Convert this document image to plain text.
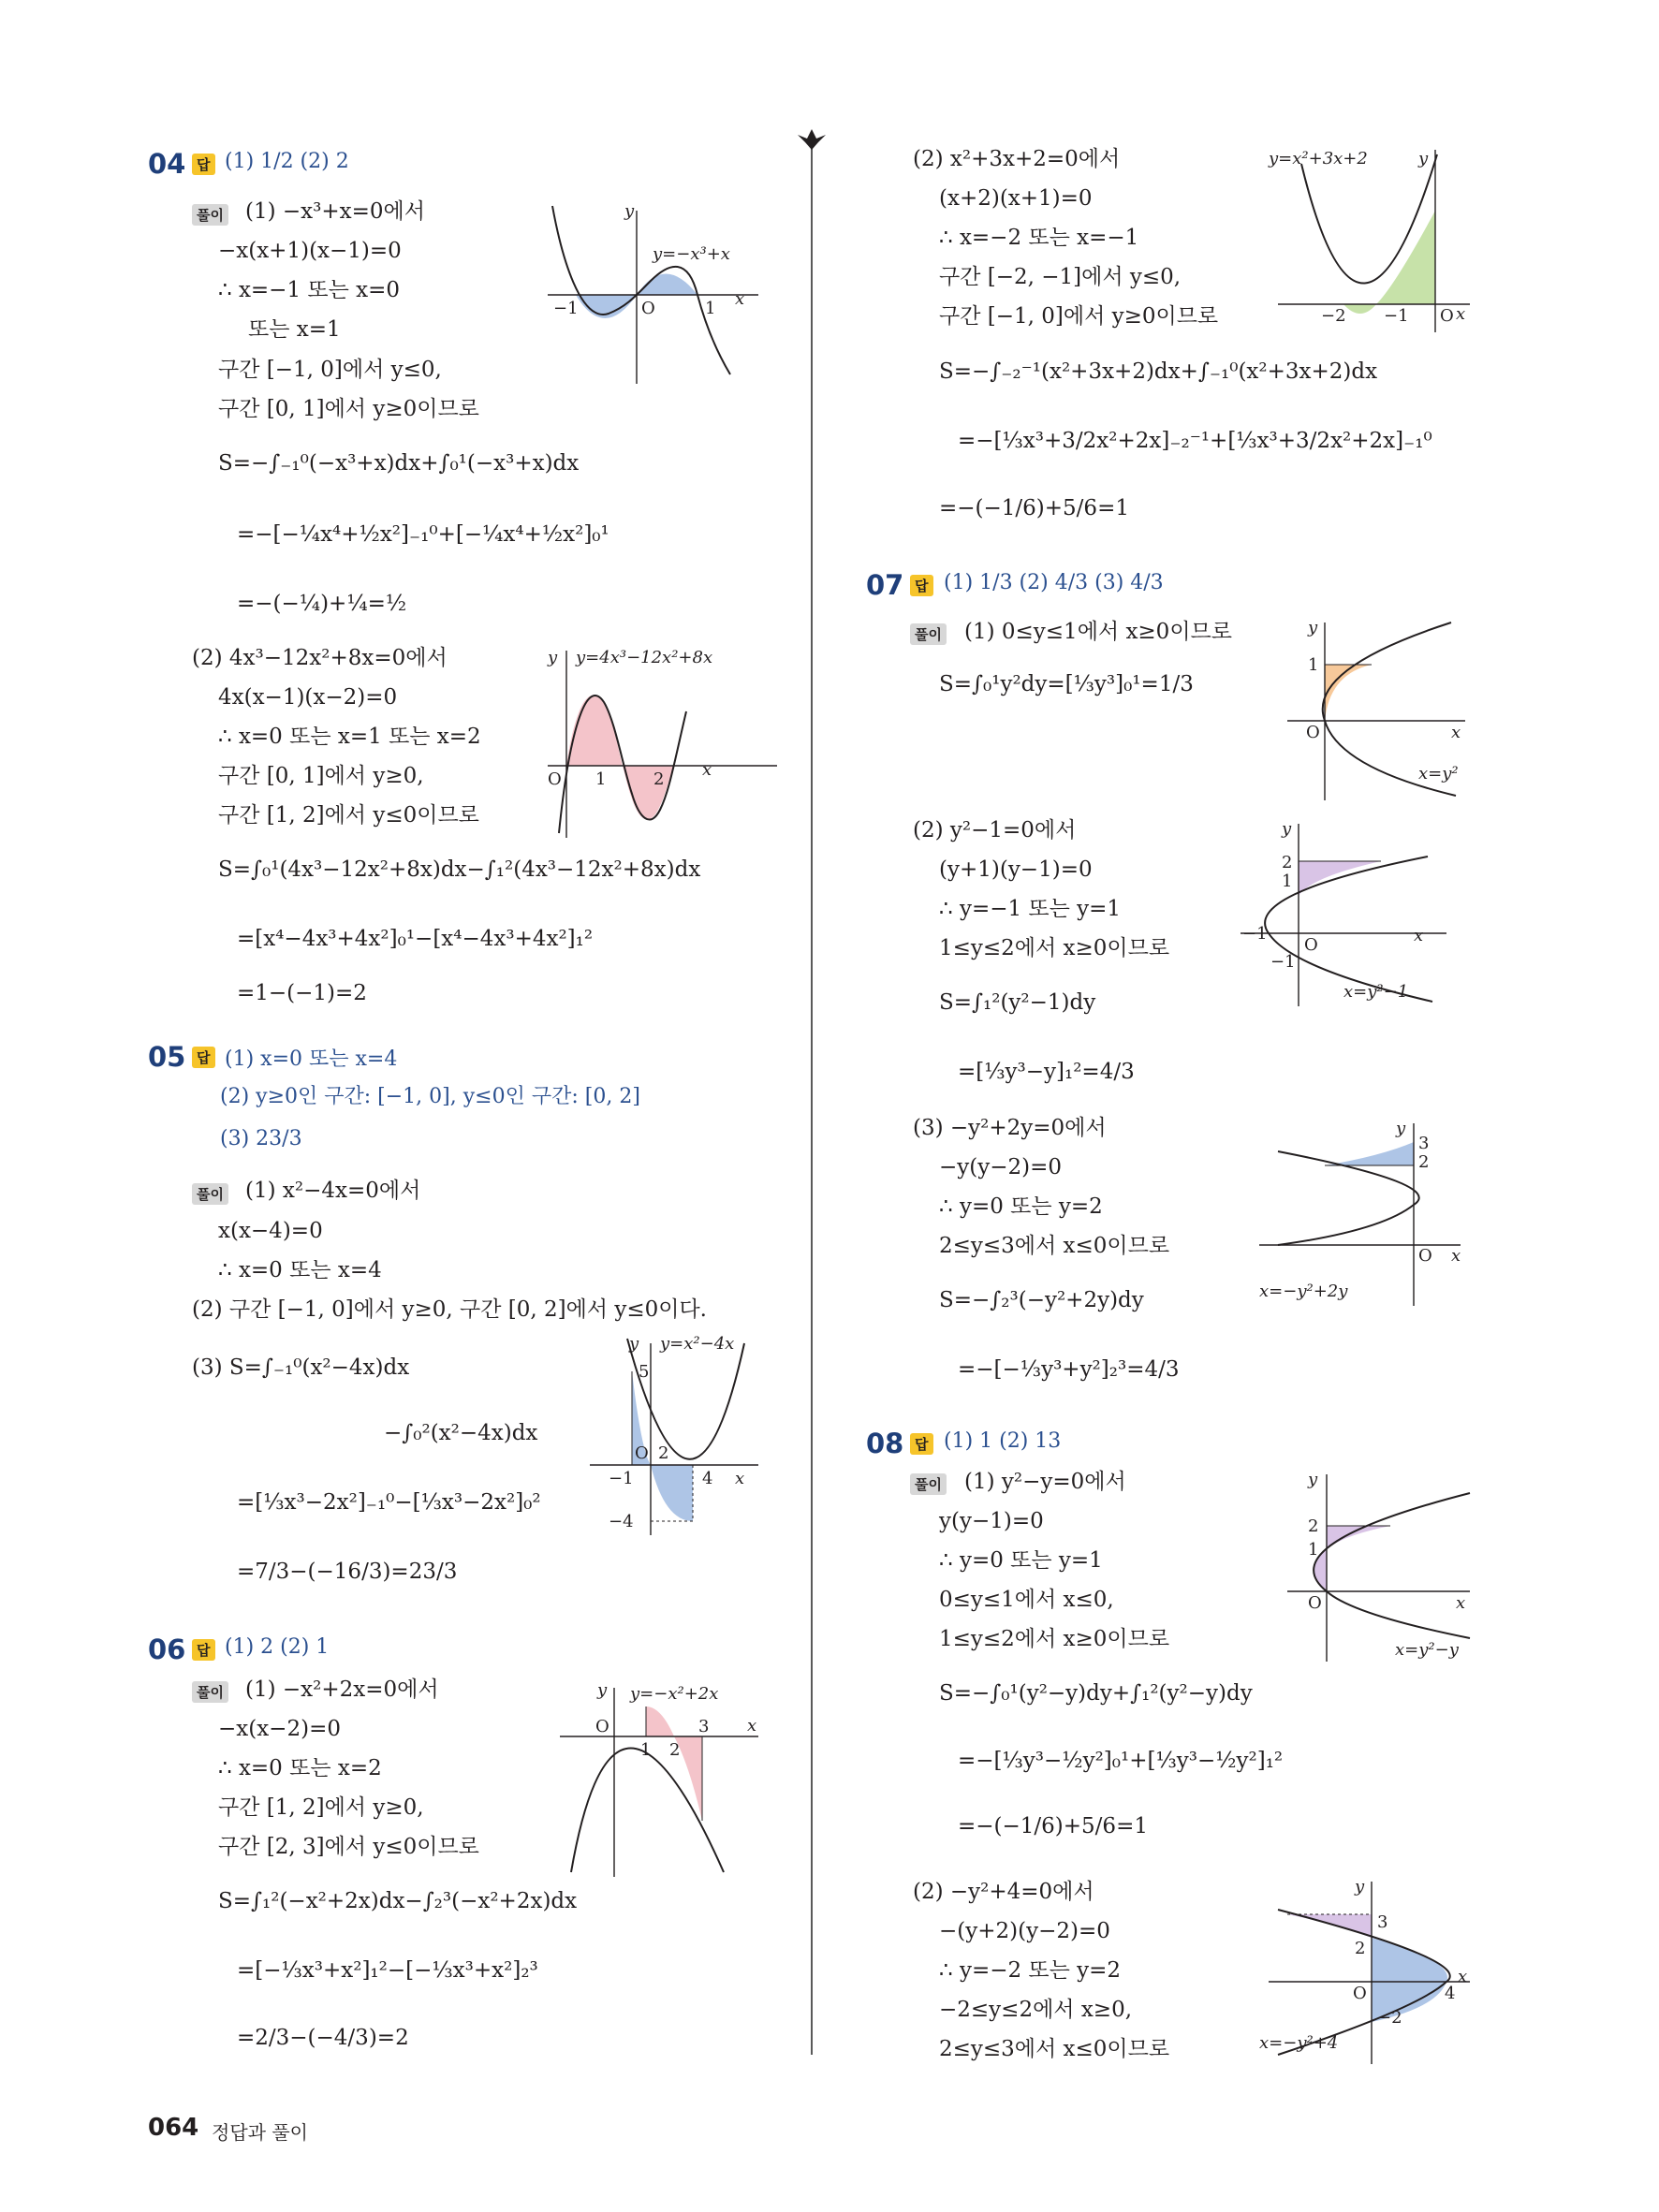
04 답 (1) 1/2 (2) 2
풀이 (1) −x³+x=0에서
−x(x+1)(x−1)=0
∴ x=−1 또는 x=0
또는 x=1
구간 [−1, 0]에서 y≤0,
구간 [0, 1]에서 y≥0이므로
S=−∫₋₁⁰(−x³+x)dx+∫₀¹(−x³+x)dx
=−[−¼x⁴+½x²]₋₁⁰+[−¼x⁴+½x²]₀¹
=−(−¼)+¼=½
y
x
O
−1	1
y=−x³+x
(2) 4x³−12x²+8x=0에서
4x(x−1)(x−2)=0
∴ x=0 또는 x=1 또는 x=2
구간 [0, 1]에서 y≥0,
구간 [1, 2]에서 y≤0이므로
S=∫₀¹(4x³−12x²+8x)dx−∫₁²(4x³−12x²+8x)dx
=[x⁴−4x³+4x²]₀¹−[x⁴−4x³+4x²]₁²
=1−(−1)=2
y
x
O 1	2
y=4x³−12x²+8x
05 답 (1) x=0 또는 x=4
(2) y≥0인 구간: [−1, 0], y≤0인 구간: [0, 2]
(3) 23/3
풀이 (1) x²−4x=0에서
x(x−4)=0
∴ x=0 또는 x=4
(2) 구간 [−1, 0]에서 y≥0, 구간 [0, 2]에서 y≤0이다.
(3) S=∫₋₁⁰(x²−4x)dx
−∫₀²(x²−4x)dx
=[⅓x³−2x²]₋₁⁰−[⅓x³−2x²]₀²
=7/3−(−16/3)=23/3
y
x
O 2
5
−1	4
−4
y=x²−4x
06 답 (1) 2 (2) 1
풀이 (1) −x²+2x=0에서
−x(x−2)=0
∴ x=0 또는 x=2
구간 [1, 2]에서 y≥0,
구간 [2, 3]에서 y≤0이므로
S=∫₁²(−x²+2x)dx−∫₂³(−x²+2x)dx
=[−⅓x³+x²]₁²−[−⅓x³+x²]₂³
=2/3−(−4/3)=2
y
x
O
1 2
3
y=−x²+2x
(2) x²+3x+2=0에서
(x+2)(x+1)=0
∴ x=−2 또는 x=−1
구간 [−2, −1]에서 y≤0,
구간 [−1, 0]에서 y≥0이므로
S=−∫₋₂⁻¹(x²+3x+2)dx+∫₋₁⁰(x²+3x+2)dx
=−[⅓x³+3/2x²+2x]₋₂⁻¹+[⅓x³+3/2x²+2x]₋₁⁰
=−(−1/6)+5/6=1
y=x²+3x+2	y
x
−2 −1 O
07 답 (1) 1/3 (2) 4/3 (3) 4/3
풀이 (1) 0≤y≤1에서 x≥0이므로
S=∫₀¹y²dy=[⅓y³]₀¹=1/3
y
x
O
1
x=y²
(2) y²−1=0에서
(y+1)(y−1)=0
∴ y=−1 또는 y=1
1≤y≤2에서 x≥0이므로
S=∫₁²(y²−1)dy
=[⅓y³−y]₁²=4/3
y
x
O
2
1
−1
−1
x=y²−1
(3) −y²+2y=0에서
−y(y−2)=0
∴ y=0 또는 y=2
2≤y≤3에서 x≤0이므로
S=−∫₂³(−y²+2y)dy
=−[−⅓y³+y²]₂³=4/3
y
x
O
3
2
x=−y²+2y
08 답 (1) 1 (2) 13
풀이 (1) y²−y=0에서
y(y−1)=0
∴ y=0 또는 y=1
0≤y≤1에서 x≤0,
1≤y≤2에서 x≥0이므로
S=−∫₀¹(y²−y)dy+∫₁²(y²−y)dy
=−[⅓y³−½y²]₀¹+[⅓y³−½y²]₁²
=−(−1/6)+5/6=1
y
x
O
2
1
x=y²−y
(2) −y²+4=0에서
−(y+2)(y−2)=0
∴ y=−2 또는 y=2
−2≤y≤2에서 x≥0,
2≤y≤3에서 x≤0이므로
y
x
O
3
2
4
−2
x=−y²+4
064 정답과 풀이
